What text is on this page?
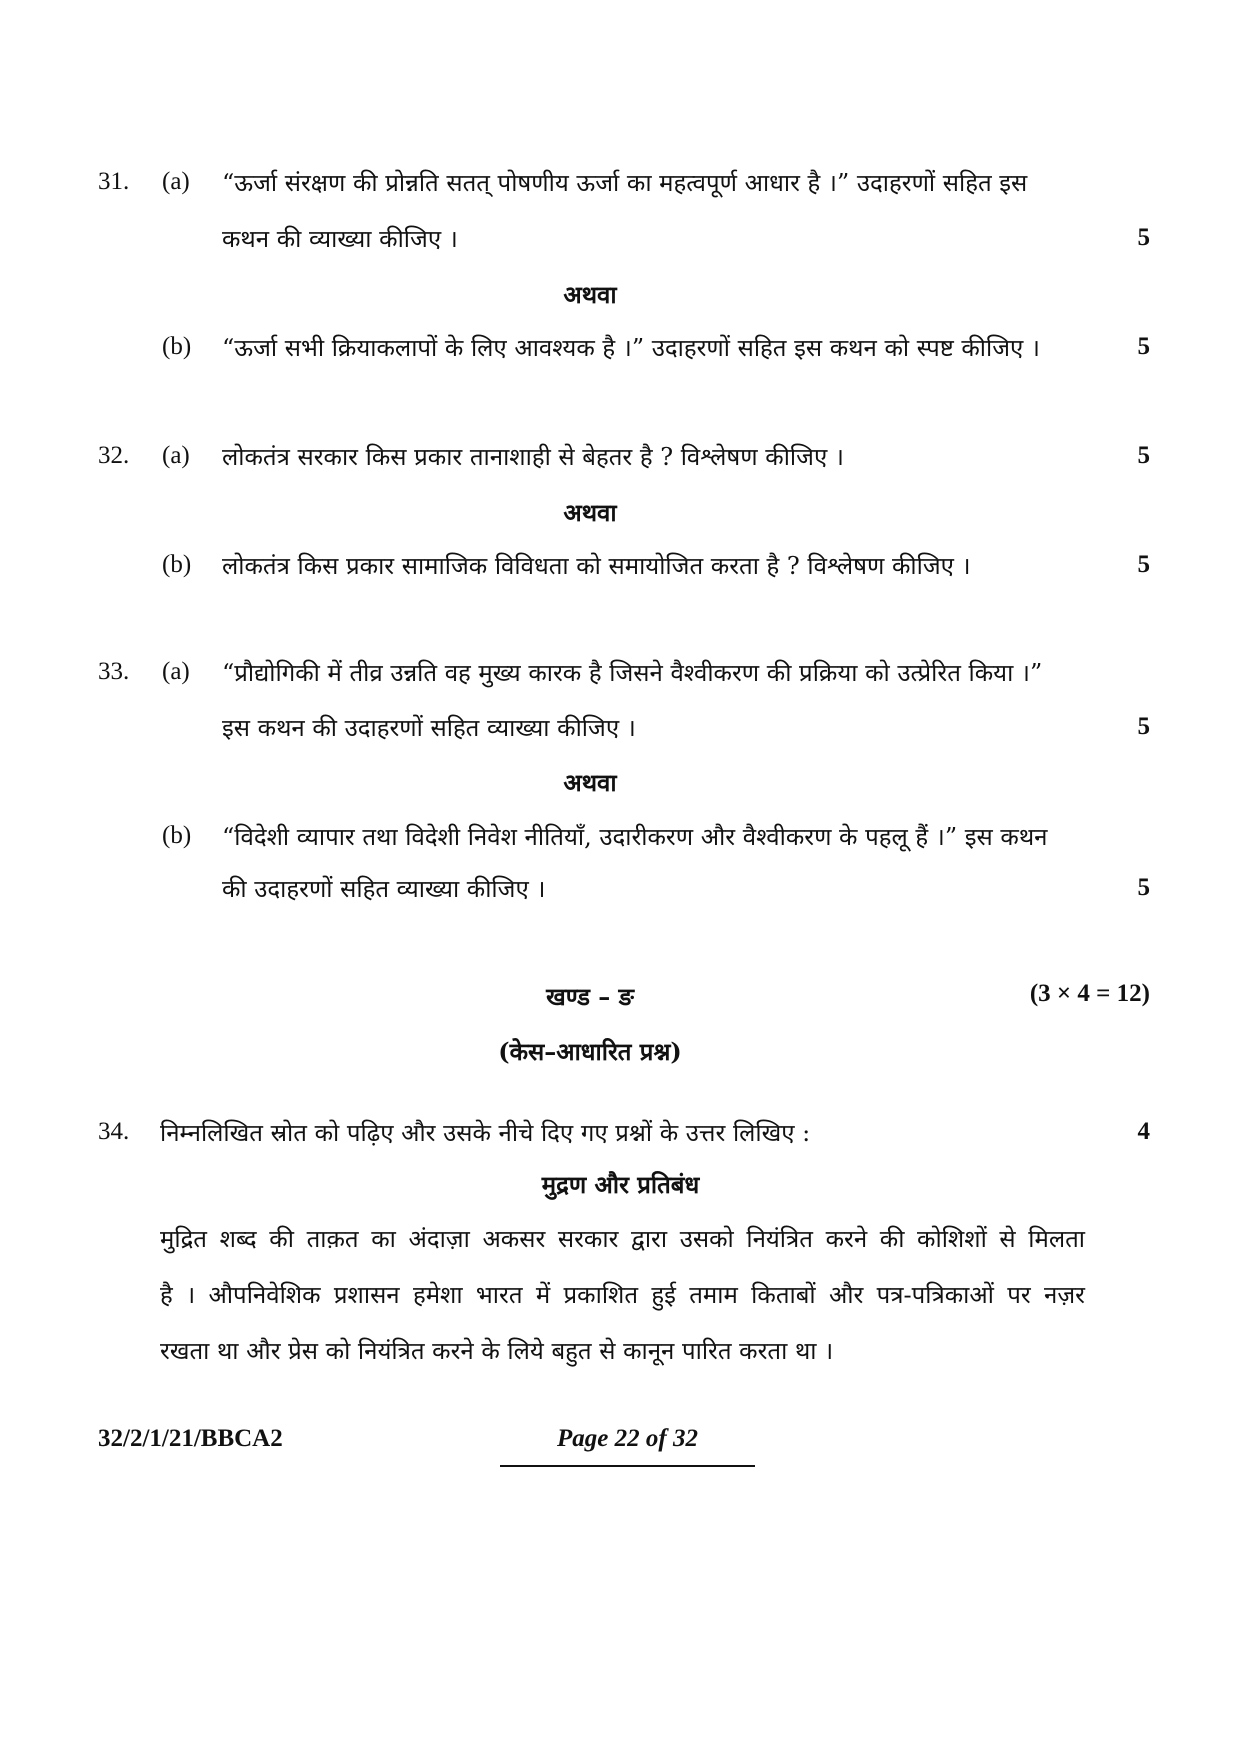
31. (a) “ऊर्जा संरक्षण की प्रोन्नति सतत् पोषणीय ऊर्जा का महत्वपूर्ण आधार है ।” उदाहरणों सहित इस
कथन की व्याख्या कीजिए ।	5
अथवा
(b) “ऊर्जा सभी क्रियाकलापों के लिए आवश्यक है ।” उदाहरणों सहित इस कथन को स्पष्ट कीजिए ।	5
32. (a) लोकतंत्र सरकार किस प्रकार तानाशाही से बेहतर है ? विश्लेषण कीजिए ।	5
अथवा
(b) लोकतंत्र किस प्रकार सामाजिक विविधता को समायोजित करता है ? विश्लेषण कीजिए ।	5
33. (a) “प्रौद्योगिकी में तीव्र उन्नति वह मुख्य कारक है जिसने वैश्वीकरण की प्रक्रिया को उत्प्रेरित किया ।”
इस कथन की उदाहरणों सहित व्याख्या कीजिए ।	5
अथवा
(b) “विदेशी व्यापार तथा विदेशी निवेश नीतियाँ, उदारीकरण और वैश्वीकरण के पहलू हैं ।” इस कथन
की उदाहरणों सहित व्याख्या कीजिए ।	5
खण्ड – ङ	(3 × 4 = 12)
(केस–आधारित प्रश्न)
34. निम्नलिखित स्रोत को पढ़िए और उसके नीचे दिए गए प्रश्नों के उत्तर लिखिए :	4
मुद्रण और प्रतिबंध
मुद्रित शब्द की ताक़त का अंदाज़ा अकसर सरकार द्वारा उसको नियंत्रित करने की कोशिशों से मिलता
है । औपनिवेशिक प्रशासन हमेशा भारत में प्रकाशित हुई तमाम किताबों और पत्र-पत्रिकाओं पर नज़र
रखता था और प्रेस को नियंत्रित करने के लिये बहुत से कानून पारित करता था ।
32/2/1/21/BBCA2	Page 22 of 32
